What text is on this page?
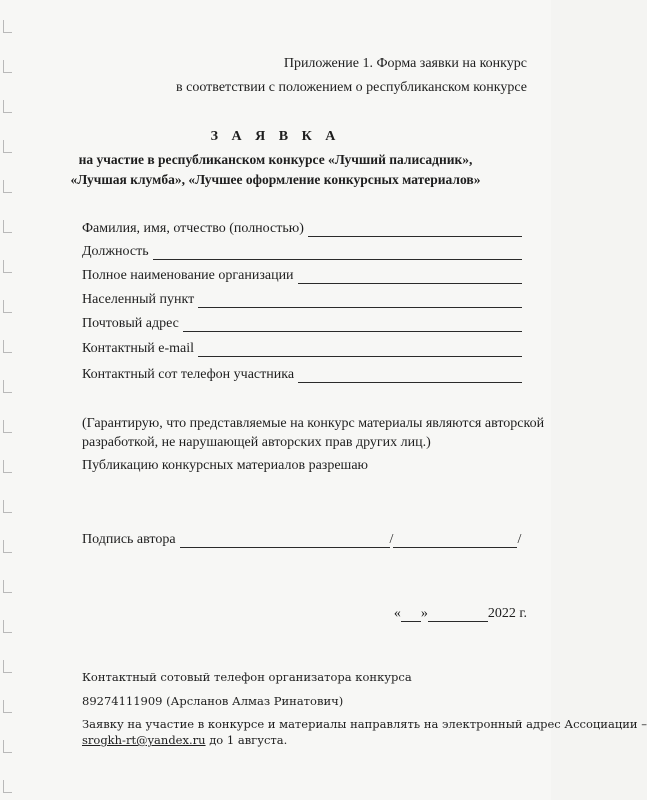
Приложение 1. Форма заявки на конкурс
в соответствии с положением о республиканском конкурсе
З А Я В К А
на участие в республиканском конкурсе «Лучший палисадник»,
«Лучшая клумба», «Лучшее оформление конкурсных материалов»
Фамилия, имя, отчество (полностью)
Должность
Полное наименование организации
Населенный пункт
Почтовый адрес
Контактный e-mail
Контактный сот телефон участника
(Гарантирую, что представляемые на конкурс материалы являются авторской
разработкой, не нарушающей авторских прав других лиц.)
Публикацию конкурсных материалов разрешаю
Подпись автора	/	/
« »	2022 г.
Контактный сотовый телефон организатора конкурса
89274111909 (Арсланов Алмаз Ринатович)
Заявку на участие в конкурсе и материалы направлять на электронный адрес Ассоциации –
srogkh-rt@yandex.ru до 1 августа.
